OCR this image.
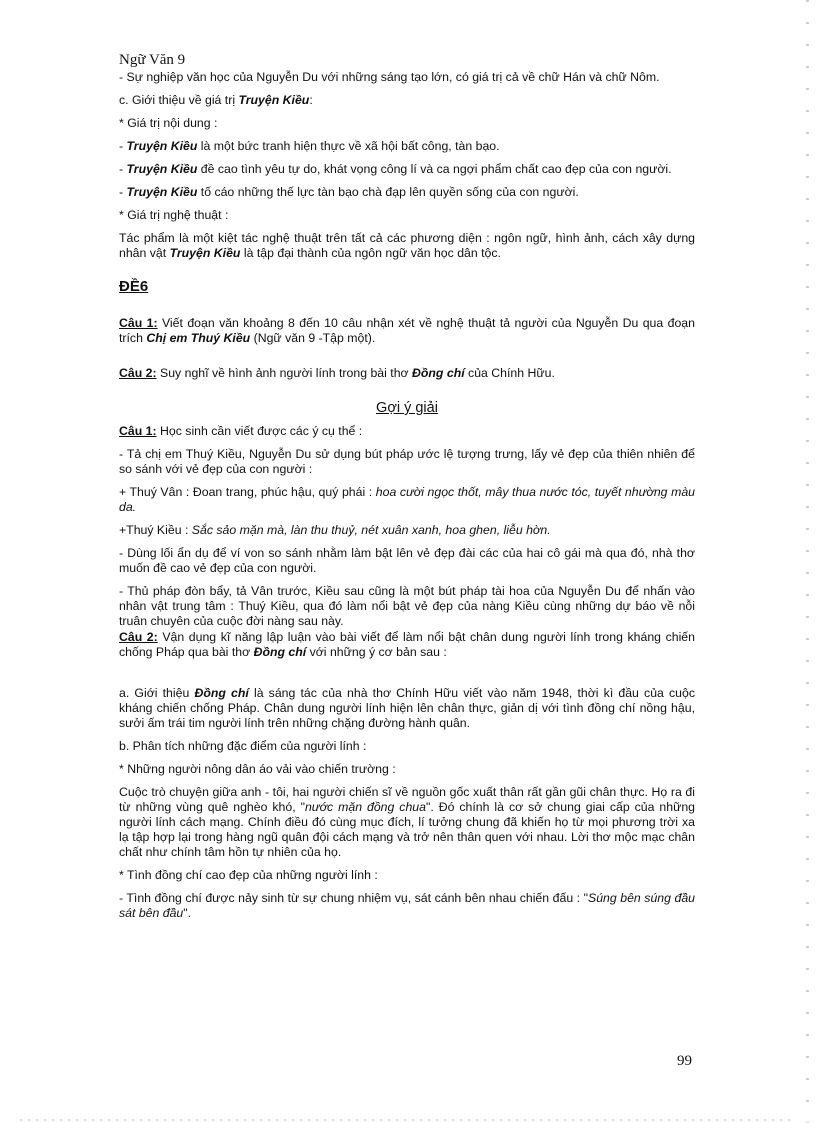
Ngữ Văn 9

- Sự nghiệp văn học của Nguyễn Du với những sáng tạo lớn, có giá trị cả về chữ Hán và chữ Nôm.

c. Giới thiệu về giá trị Truyện Kiều:

* Giá trị nội dung :

- Truyện Kiều là một bức tranh hiện thực về xã hội bất công, tàn bạo.

- Truyện Kiều đề cao tình yêu tự do, khát vọng công lí và ca ngợi phẩm chất cao đẹp của con người.

- Truyện Kiều tố cáo những thế lực tàn bạo chà đạp lên quyền sống của con người.

* Giá trị nghệ thuật :

Tác phẩm là một kiệt tác nghệ thuật trên tất cả các phương diện : ngôn ngữ, hình ảnh, cách xây dựng nhân vật Truyện Kiều là tập đại thành của ngôn ngữ văn học dân tộc.

ĐỀ6

Câu 1: Viết đoạn văn khoảng 8 đến 10 câu nhận xét về nghệ thuật tả người của Nguyễn Du qua đoạn trích Chị em Thuý Kiều (Ngữ văn 9 -Tập một).

Câu 2: Suy nghĩ về hình ảnh người lính trong bài thơ Đồng chí của Chính Hữu.

Gợi ý giải

Câu 1: Học sinh cần viết được các ý cụ thể :

- Tả chị em Thuý Kiều, Nguyễn Du sử dụng bút pháp ước lệ tượng trưng, lấy vẻ đẹp của thiên nhiên để so sánh với vẻ đẹp của con người :

+ Thuý Vân : Đoan trang, phúc hậu, quý phái : hoa cười ngọc thốt, mây thua nước tóc, tuyết nhường màu da.

+Thuý Kiều : Sắc sảo mặn mà, làn thu thuỷ, nét xuân xanh, hoa ghen, liễu hờn.

- Dùng lối ẩn dụ để ví von so sánh nhằm làm bật lên vẻ đẹp đài các của hai cô gái mà qua đó, nhà thơ muốn đề cao vẻ đẹp của con người.

- Thủ pháp đòn bẩy, tả Vân trước, Kiều sau cũng là một bút pháp tài hoa của Nguyễn Du để nhấn vào nhân vật trung tâm : Thuý Kiều, qua đó làm nổi bật vẻ đẹp của nàng Kiều cùng những dự báo về nỗi truân chuyên của cuộc đời nàng sau này.

Câu 2: Vận dụng kĩ năng lập luận vào bài viết để làm nổi bật chân dung người lính trong kháng chiến chống Pháp qua bài thơ Đồng chí với những ý cơ bản sau :

a. Giới thiệu Đồng chí là sáng tác của nhà thơ Chính Hữu viết vào năm 1948, thời kì đầu của cuộc kháng chiến chống Pháp. Chân dung người lính hiện lên chân thực, giản dị với tình đồng chí nồng hậu, sưởi ấm trái tim người lính trên những chặng đường hành quân.

b. Phân tích những đặc điểm của người lính :

* Những người nông dân áo vải vào chiến trường :

Cuộc trò chuyện giữa anh - tôi, hai người chiến sĩ về nguồn gốc xuất thân rất gần gũi chân thực. Họ ra đi từ những vùng quê nghèo khó, "nước mặn đồng chua". Đó chính là cơ sở chung giai cấp của những người lính cách mạng. Chính điều đó cùng mục đích, lí tưởng chung đã khiến họ từ mọi phương trời xa lạ tập hợp lại trong hàng ngũ quân đội cách mạng và trở nên thân quen với nhau. Lời thơ mộc mạc chân chất như chính tâm hồn tự nhiên của họ.

* Tình đồng chí cao đẹp của những người lính :

- Tình đồng chí được nảy sinh từ sự chung nhiệm vụ, sát cánh bên nhau chiến đấu : "Súng bên súng đầu sát bên đầu".

99
